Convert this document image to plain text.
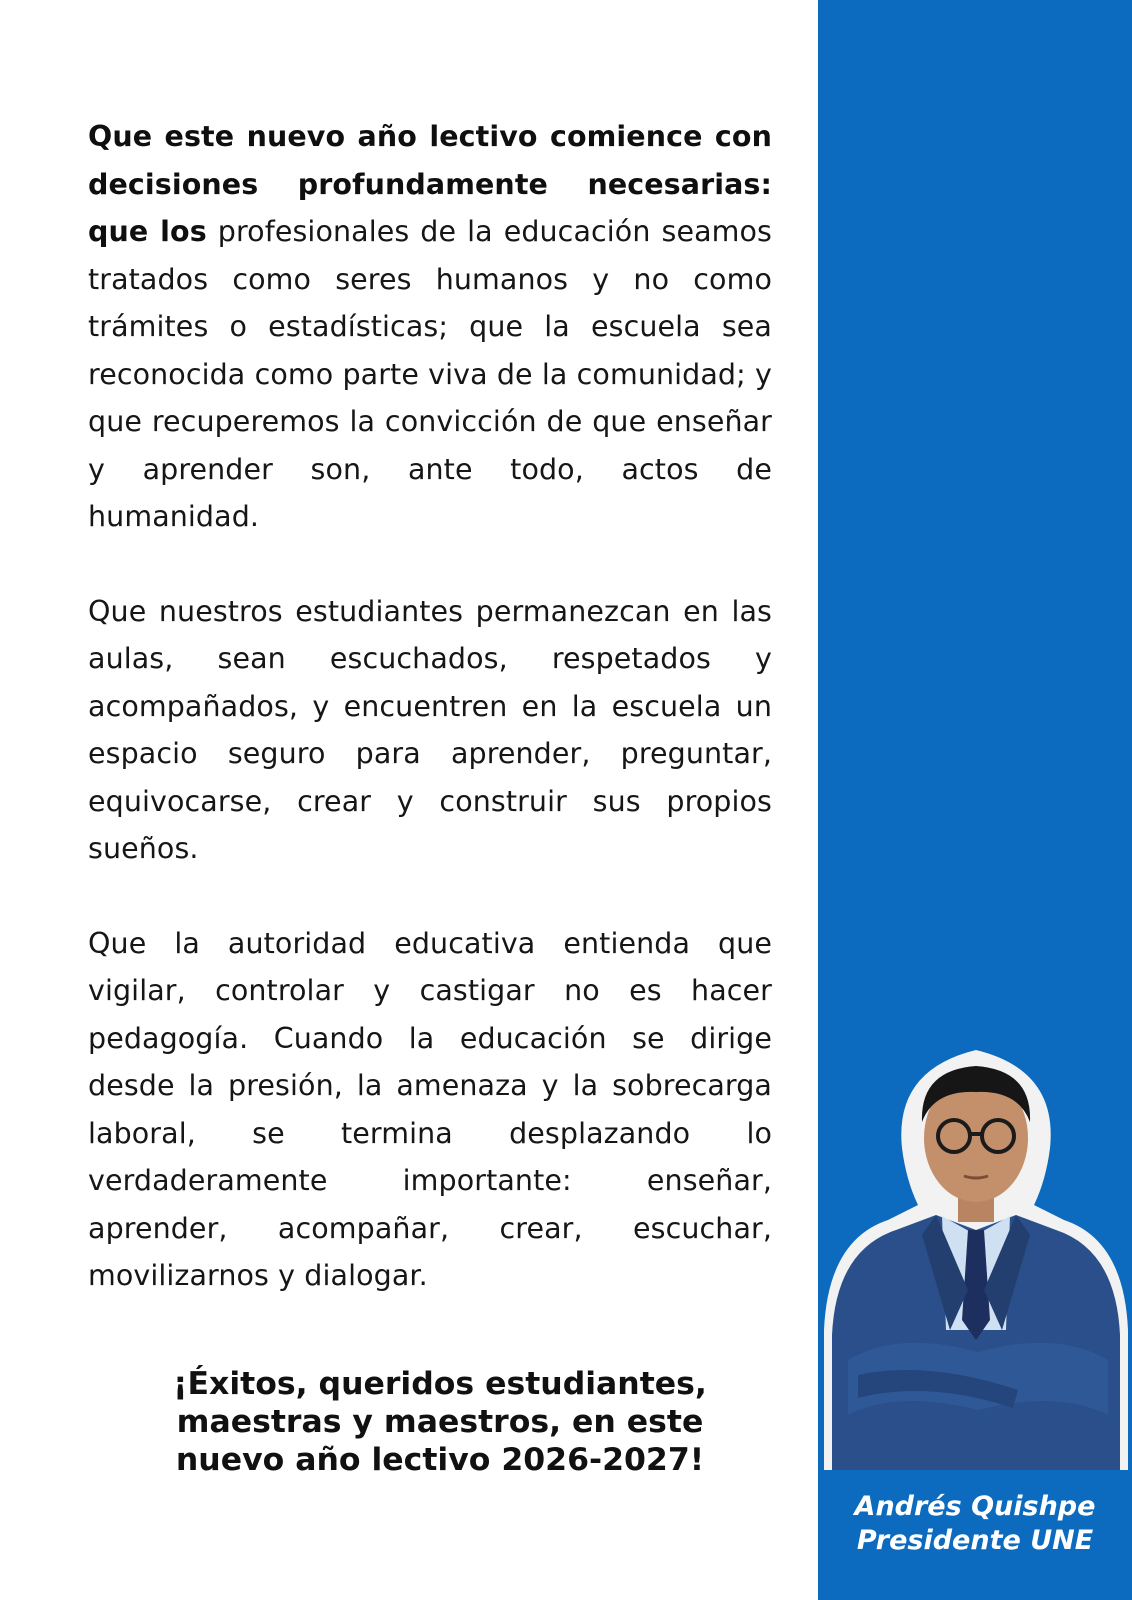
Que este nuevo año lectivo comience con decisiones profundamente necesarias: que los profesionales de la educación seamos tratados como seres humanos y no como trámites o estadísticas; que la escuela sea reconocida como parte viva de la comunidad; y que recuperemos la convicción de que enseñar y aprender son, ante todo, actos de humanidad.

Que nuestros estudiantes permanezcan en las aulas, sean escuchados, respetados y acompañados, y encuentren en la escuela un espacio seguro para aprender, preguntar, equivocarse, crear y construir sus propios sueños.

Que la autoridad educativa entienda que vigilar, controlar y castigar no es hacer pedagogía. Cuando la educación se dirige desde la presión, la amenaza y la sobrecarga laboral, se termina desplazando lo verdaderamente importante: enseñar, aprender, acompañar, crear, escuchar, movilizarnos y dialogar.

¡Éxitos, queridos estudiantes,
maestras y maestros, en este
nuevo año lectivo 2026-2027!
Andrés Quishpe
Presidente UNE
